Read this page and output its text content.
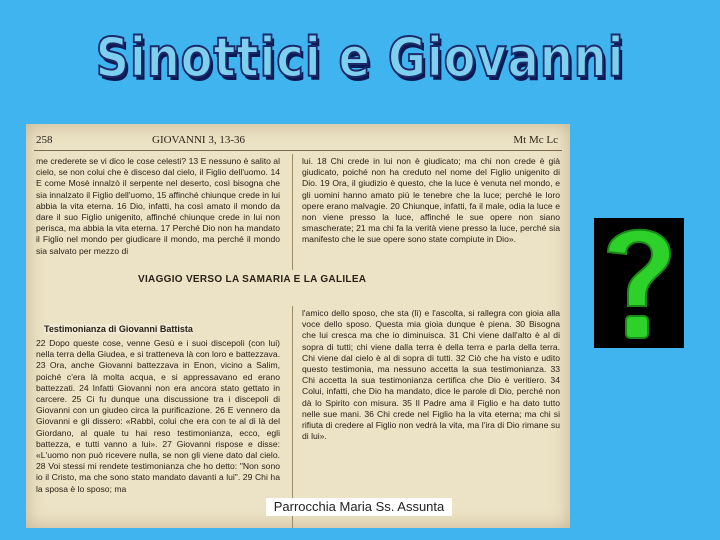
Sinottici e Giovanni
258	GIOVANNI 3, 13-36	Mt Mc Lc

me crederete se vi dico le cose celesti? 13 E nessuno è salito al cielo, se non colui che è disceso dal cielo, il Figlio dell'uomo. 14 E come Mosè innalzò il serpente nel deserto, così bisogna che sia innalzato il Figlio dell'uomo, 15 affinché chiunque crede in lui abbia la vita eterna. 16 Dio, infatti, ha così amato il mondo da dare il suo Figlio unigenito, affinché chiunque crede in lui non perisca, ma abbia la vita eterna. 17 Perché Dio non ha mandato il Figlio nel mondo per giudicare il mondo, ma perché il mondo sia salvato per mezzo di

lui. 18 Chi crede in lui non è giudicato; ma chi non crede è già giudicato, poiché non ha creduto nel nome del Figlio unigenito di Dio. 19 Ora, il giudizio è questo, che la luce è venuta nel mondo, e gli uomini hanno amato più le tenebre che la luce; perché le loro opere erano malvagie. 20 Chiunque, infatti, fa il male, odia la luce e non viene presso la luce, affinché le sue opere non siano smascherate; 21 ma chi fa la verità viene presso la luce, perché sia manifesto che le sue opere sono state compiute in Dio».

VIAGGIO VERSO LA SAMARIA E LA GALILEA
Testimonianza di Giovanni Battista

22 Dopo queste cose, venne Gesù e i suoi discepoli (con lui) nella terra della Giudea, e si tratteneva là con loro e battezzava. 23 Ora, anche Giovanni battezzava in Enon, vicino a Salim, poiché c'era là molta acqua, e si appressavano ed erano battezzati. 24 Infatti Giovanni non era ancora stato gettato in carcere. 25 Ci fu dunque una discussione tra i discepoli di Giovanni con un giudeo circa la purificazione. 26 E vennero da Giovanni e gli dissero: «Rabbì, colui che era con te al di là del Giordano, al quale tu hai reso testimonianza, ecco, egli battezza, e tutti vanno a lui». 27 Giovanni rispose e disse: «L'uomo non può ricevere nulla, se non gli viene dato dal cielo. 28 Voi stessi mi rendete testimonianza che ho detto: "Non sono io il Cristo, ma che sono stato mandato davanti a lui". 29 Chi ha la sposa è lo sposo; ma

l'amico dello sposo, che sta (lì) e l'ascolta, si rallegra con gioia alla voce dello sposo. Questa mia gioia dunque è piena. 30 Bisogna che lui cresca ma che io diminuisca. 31 Chi viene dall'alto è al di sopra di tutti; chi viene dalla terra è della terra e parla della terra. Chi viene dal cielo è al di sopra di tutti. 32 Ciò che ha visto e udito questo testimonia, ma nessuno accetta la sua testimonianza. 33 Chi accetta la sua testimonianza certifica che Dio è veritiero. 34 Colui, infatti, che Dio ha mandato, dice le parole di Dio, perché non dà lo Spirito con misura. 35 Il Padre ama il Figlio e ha dato tutto nelle sue mani. 36 Chi crede nel Figlio ha la vita eterna; ma chi si rifiuta di credere al Figlio non vedrà la vita, ma l'ira di Dio rimane su di lui».

Parrocchia Maria Ss. Assunta
